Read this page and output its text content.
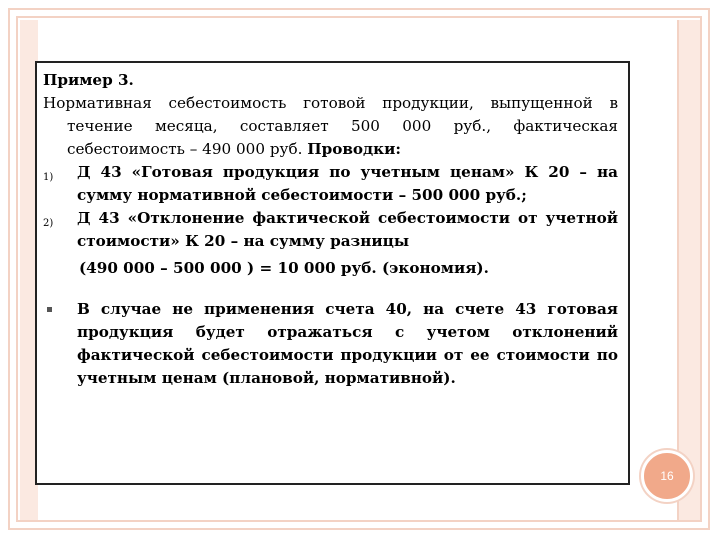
Пример 3.
Нормативная себестоимость готовой продукции, выпущенной в течение месяца, составляет 500 000 руб., фактическая себестоимость – 490 000 руб. Проводки:
1)	Д 43 «Готовая продукция по учетным ценам» К 20 – на сумму нормативной себестоимости – 500 000 руб.;
2)	Д 43 «Отклонение фактической себестоимости от учетной стоимости» К 20 – на сумму разницы
(490 000 – 500 000 ) = 10 000 руб. (экономия).
В случае не применения счета 40, на счете 43 готовая продукция будет отражаться с учетом отклонений фактической себестоимости продукции от ее стоимости по учетным ценам (плановой, нормативной).
16
